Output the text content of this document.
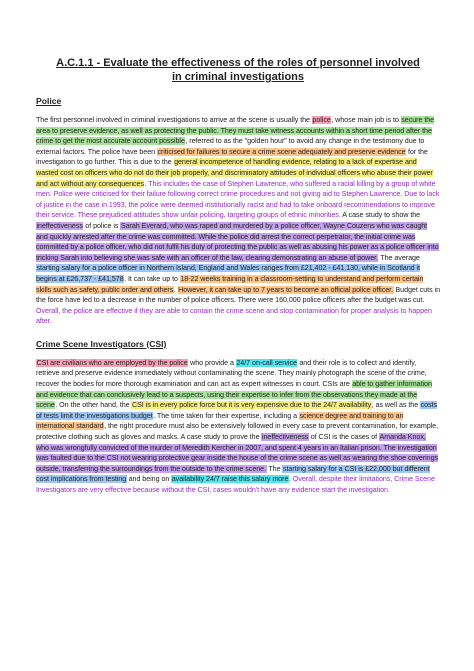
A.C.1.1 - Evaluate the effectiveness of the roles of personnel involved in criminal investigations
Police

The first personnel involved in criminal investigations to arrive at the scene is usually the police, whose main job is to secure the area to preserve evidence, as well as protecting the public. They must take witness accounts within a short time period after the crime to get the most accurate account possible, referred to as the "golden hour" to avoid any change in the testimony due to external factors. The police have been criticised for failures to secure a crime scene adequately and preserve evidence for the investigation to go further. This is due to the general incompetence of handling evidence, relating to a lack of expertise and wasted cost on officers who do not do their job properly, and discriminatory attitudes of individual officers who abuse their power and act without any consequences. This includes the case of Stephen Lawrence, who suffered a racial killing by a group of white men. Police were criticised for their failure following correct crime procedures and not giving aid to Stephen Lawrence. Due to lack of justice in the case in 1993, the police were deemed institutionally racist and had to take onboard recommendations to improve their service. These prejudiced attitudes show unfair policing, targeting groups of ethnic minorities. A case study to show the ineffectiveness of police is Sarah Everard, who was raped and murdered by a police officer, Wayne Couzens who was caught and quickly arrested after the crime was committed. While the police did arrest the correct perpetrator, the initial crime was committed by a police officer, who did not fulfil his duty of protecting the public as well as abusing his power as a police officer into tricking Sarah into believing she was safe with an officer of the law, clearing demonstrating an abuse of power. The average starting salary for a police officer in Northern Island, England and Wales ranges from £21,402 - £41,130, while in Scotland it begins at £26,737 - £41,578. It can take up to 18-22 weeks training in a classroom-setting to understand and perform certain skills such as safety, public order and others. However, it can take up to 7 years to become an official police officer. Budget cuts in the force have led to a decrease in the number of police officers. There were 160,000 police officers after the budget was cut. Overall, the police are effective if they are able to contain the crime scene and stop contamination for proper analysis to happen after.

Crime Scene Investigators (CSI)

CSI are civilians who are employed by the police who provide a 24/7 on-call service and their role is to collect and identify, retrieve and preserve evidence immediately without contaminating the scene. They mainly photograph the scene of the crime, recover the bodies for more thorough examination and can act as expert witnesses in court. CSIs are able to gather information and evidence that can conclusively lead to a suspects, using their expertise to infer from the observations they made at the scene. On the other hand, the CSI is in every police force but it is very expensive due to the 24/7 availability, as well as the costs of tests limit the investigations budget. The time taken for their expertise, including a science degree and training to an international standard, the right procedure must also be extensively followed in every case to prevent contamination, for example, protective clothing such as gloves and masks. A case study to prove the ineffectiveness of CSI is the cases of Amanda Knox, who was wrongfully convicted of the murder of Meredith Kercher in 2007, and spent 4 years in an Italian prison. The investigation was faulted due to the CSI not wearing protective gear inside the house of the crime scene as well as wearing the shoe coverings outside, transferring the surroundings from the outside to the crime scene. The starting salary for a CSI is £22,000 but different cost implications from testing and being on availability 24/7 raise this salary more. Overall, despite their limitations, Crime Scene Investigators are very effective because without the CSI, cases wouldn't have any evidence start the investigation.
